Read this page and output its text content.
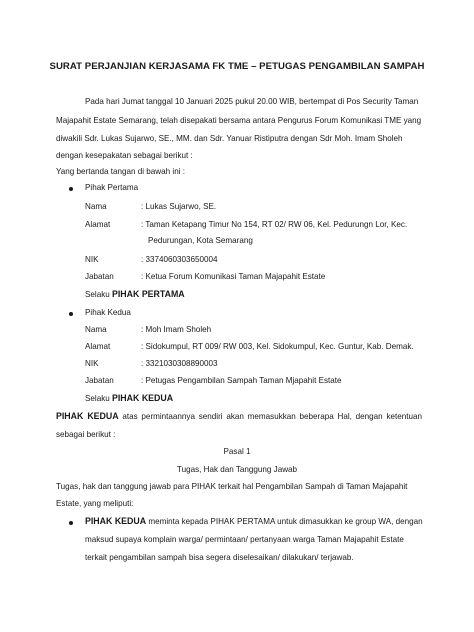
SURAT PERJANJIAN KERJASAMA FK TME – PETUGAS PENGAMBILAN SAMPAH
Pada hari Jumat tanggal 10 Januari 2025 pukul 20.00 WIB, bertempat di Pos Security Taman
Majapahit Estate Semarang, telah disepakati bersama antara Pengurus Forum Komunikasi TME yang
diwakili Sdr. Lukas Sujarwo, SE., MM. dan Sdr. Yanuar Ristiputra dengan Sdr Moh. Imam Sholeh
dengan kesepakatan sebagai berikut :
Yang bertanda tangan di bawah ini :
Pihak Pertama
Nama	: Lukas Sujarwo, SE.
Alamat	: Taman Ketapang Timur No 154, RT 02/ RW 06, Kel. Pedurungn Lor, Kec.
Pedurungan, Kota Semarang
NIK	: 3374060303650004
Jabatan	: Ketua Forum Komunikasi Taman Majapahit Estate
Selaku PIHAK PERTAMA
Pihak Kedua
Nama	: Moh Imam Sholeh
Alamat	: Sidokumpul, RT 009/ RW 003, Kel. Sidokumpul, Kec. Guntur, Kab. Demak.
NIK	: 3321030308890003
Jabatan	: Petugas Pengambilan Sampah Taman Mjapahit Estate
Selaku PIHAK KEDUA
PIHAK KEDUA atas permintaannya sendiri akan memasukkan beberapa Hal, dengan ketentuan
sebagai berikut :
Pasal 1
Tugas, Hak dan Tanggung Jawab
Tugas, hak dan tanggung jawab para PIHAK terkait hal Pengambilan Sampah di Taman Majapahit
Estate, yang meliputi:
PIHAK KEDUA meminta kepada PIHAK PERTAMA untuk dimasukkan ke group WA, dengan
maksud supaya komplain warga/ permintaan/ pertanyaan warga Taman Majapahit Estate
terkait pengambilan sampah bisa segera diselesaikan/ dilakukan/ terjawab.
